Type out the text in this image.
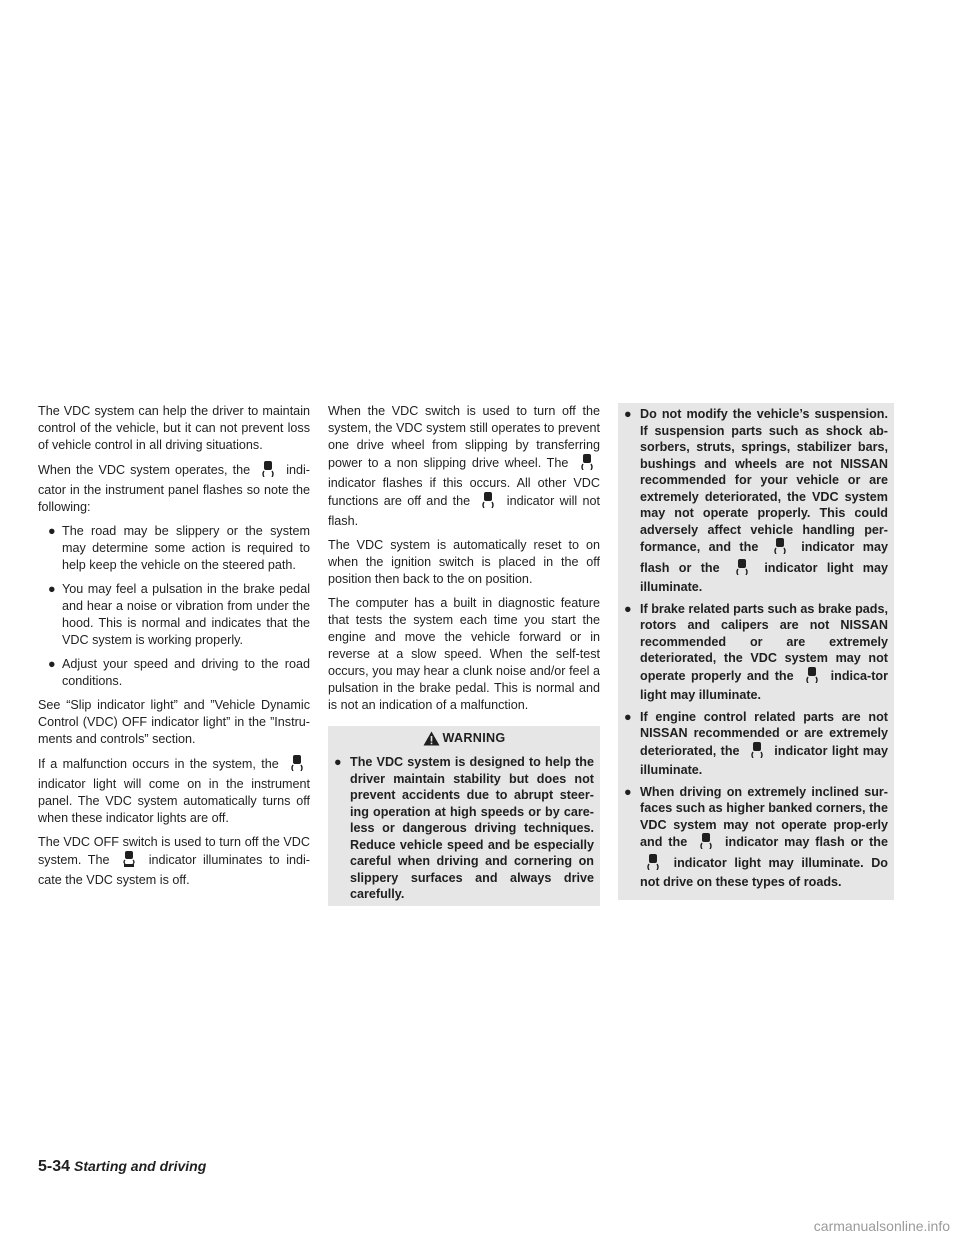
The VDC system can help the driver to maintain control of the vehicle, but it can not prevent loss of vehicle control in all driving situations.

When the VDC system operates, the	indi-cator in the instrument panel flashes so note the following:

● The road may be slippery or the system may determine some action is required to help keep the vehicle on the steered path.
● You may feel a pulsation in the brake pedal and hear a noise or vibration from under the hood. This is normal and indicates that the VDC system is working properly.
● Adjust your speed and driving to the road conditions.

See “Slip indicator light” and ”Vehicle Dynamic Control (VDC) OFF indicator light” in the ”Instru-ments and controls” section.

If a malfunction occurs in the system, the  indicator light will come on in the instrument panel. The VDC system automatically turns off when these indicator lights are off.

The VDC OFF switch is used to turn off the VDC system. The	indicator illuminates to indi-cate the VDC system is off.

When the VDC switch is used to turn off the system, the VDC system still operates to prevent one drive wheel from slipping by transferring power to a non slipping drive wheel. The  indicator flashes if this occurs. All other VDC functions are off and the	indicator will not flash.

The VDC system is automatically reset to on when the ignition switch is placed in the off position then back to the on position.

The computer has a built in diagnostic feature that tests the system each time you start the engine and move the vehicle forward or in reverse at a slow speed. When the self-test occurs, you may hear a clunk noise and/or feel a pulsation in the brake pedal. This is normal and is not an indication of a malfunction.

WARNING
● The VDC system is designed to help the driver maintain stability but does not prevent accidents due to abrupt steer-ing operation at high speeds or by care-less or dangerous driving techniques. Reduce vehicle speed and be especially careful when driving and cornering on slippery surfaces and always drive carefully.
● Do not modify the vehicle’s suspension. If suspension parts such as shock ab-sorbers, struts, springs, stabilizer bars, bushings and wheels are not NISSAN recommended for your vehicle or are extremely deteriorated, the VDC system may not operate properly. This could adversely affect vehicle handling per-formance, and the	indicator may flash or the	indicator light may illuminate.
● If brake related parts such as brake pads, rotors and calipers are not NISSAN recommended or are extremely deteriorated, the VDC system may not operate properly and the	indica-tor light may illuminate.
● If engine control related parts are not NISSAN recommended or are extremely deteriorated, the	indicator light may illuminate.
● When driving on extremely inclined sur-faces such as higher banked corners, the VDC system may not operate prop-erly and the	indicator may flash or the  indicator light may illuminate. Do not drive on these types of roads.
5-34 Starting and driving
carmanualsonline.info
